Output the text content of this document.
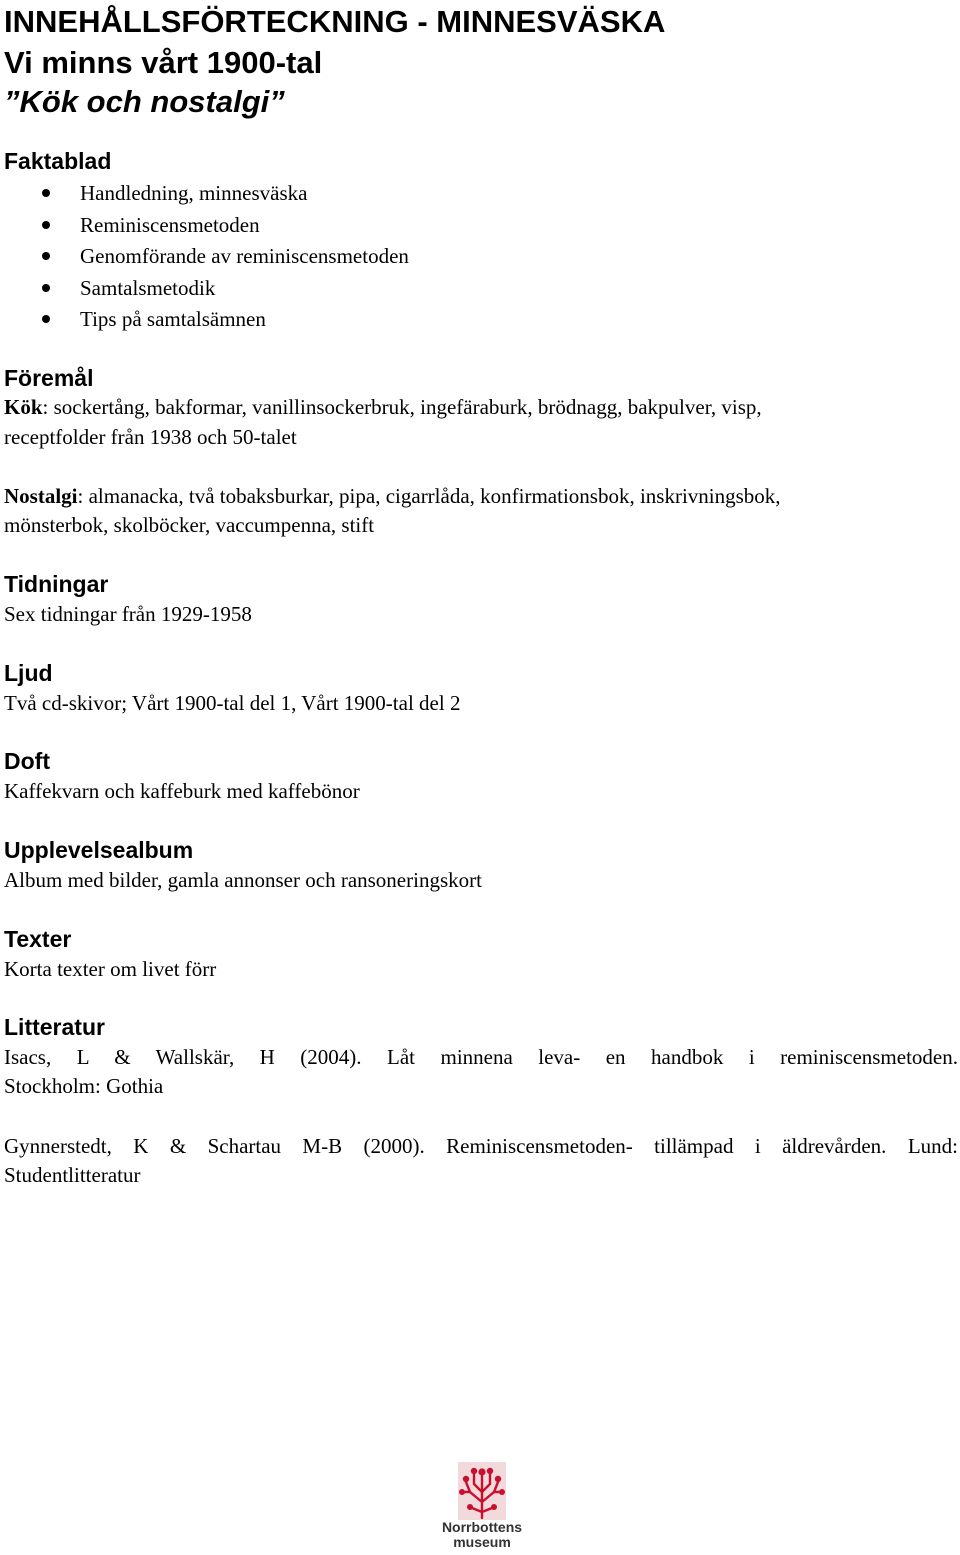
INNEHÅLLSFÖRTECKNING - MINNESVÄSKA
Vi minns vårt 1900-tal
”Kök och nostalgi”
Faktablad
Handledning, minnesväska
Reminiscensmetoden
Genomförande av reminiscensmetoden
Samtalsmetodik
Tips på samtalsämnen
Föremål
Kök: sockertång, bakformar, vanillinsockerbruk, ingefäraburk, brödnagg, bakpulver, visp,
receptfolder från 1938 och 50-talet
Nostalgi: almanacka, två tobaksburkar, pipa, cigarrlåda, konfirmationsbok, inskrivningsbok,
mönsterbok, skolböcker, vaccumpenna, stift
Tidningar
Sex tidningar från 1929-1958
Ljud
Två cd-skivor; Vårt 1900-tal del 1, Vårt 1900-tal del 2
Doft
Kaffekvarn och kaffeburk med kaffebönor
Upplevelsealbum
Album med bilder, gamla annonser och ransoneringskort
Texter
Korta texter om livet förr
Litteratur
Isacs, L & Wallskär, H (2004). Låt minnena leva- en handbok i reminiscensmetoden.
Stockholm: Gothia
Gynnerstedt, K & Schartau M-B (2000). Reminiscensmetoden- tillämpad i äldrevården. Lund:
Studentlitteratur
Norrbottens
museum
